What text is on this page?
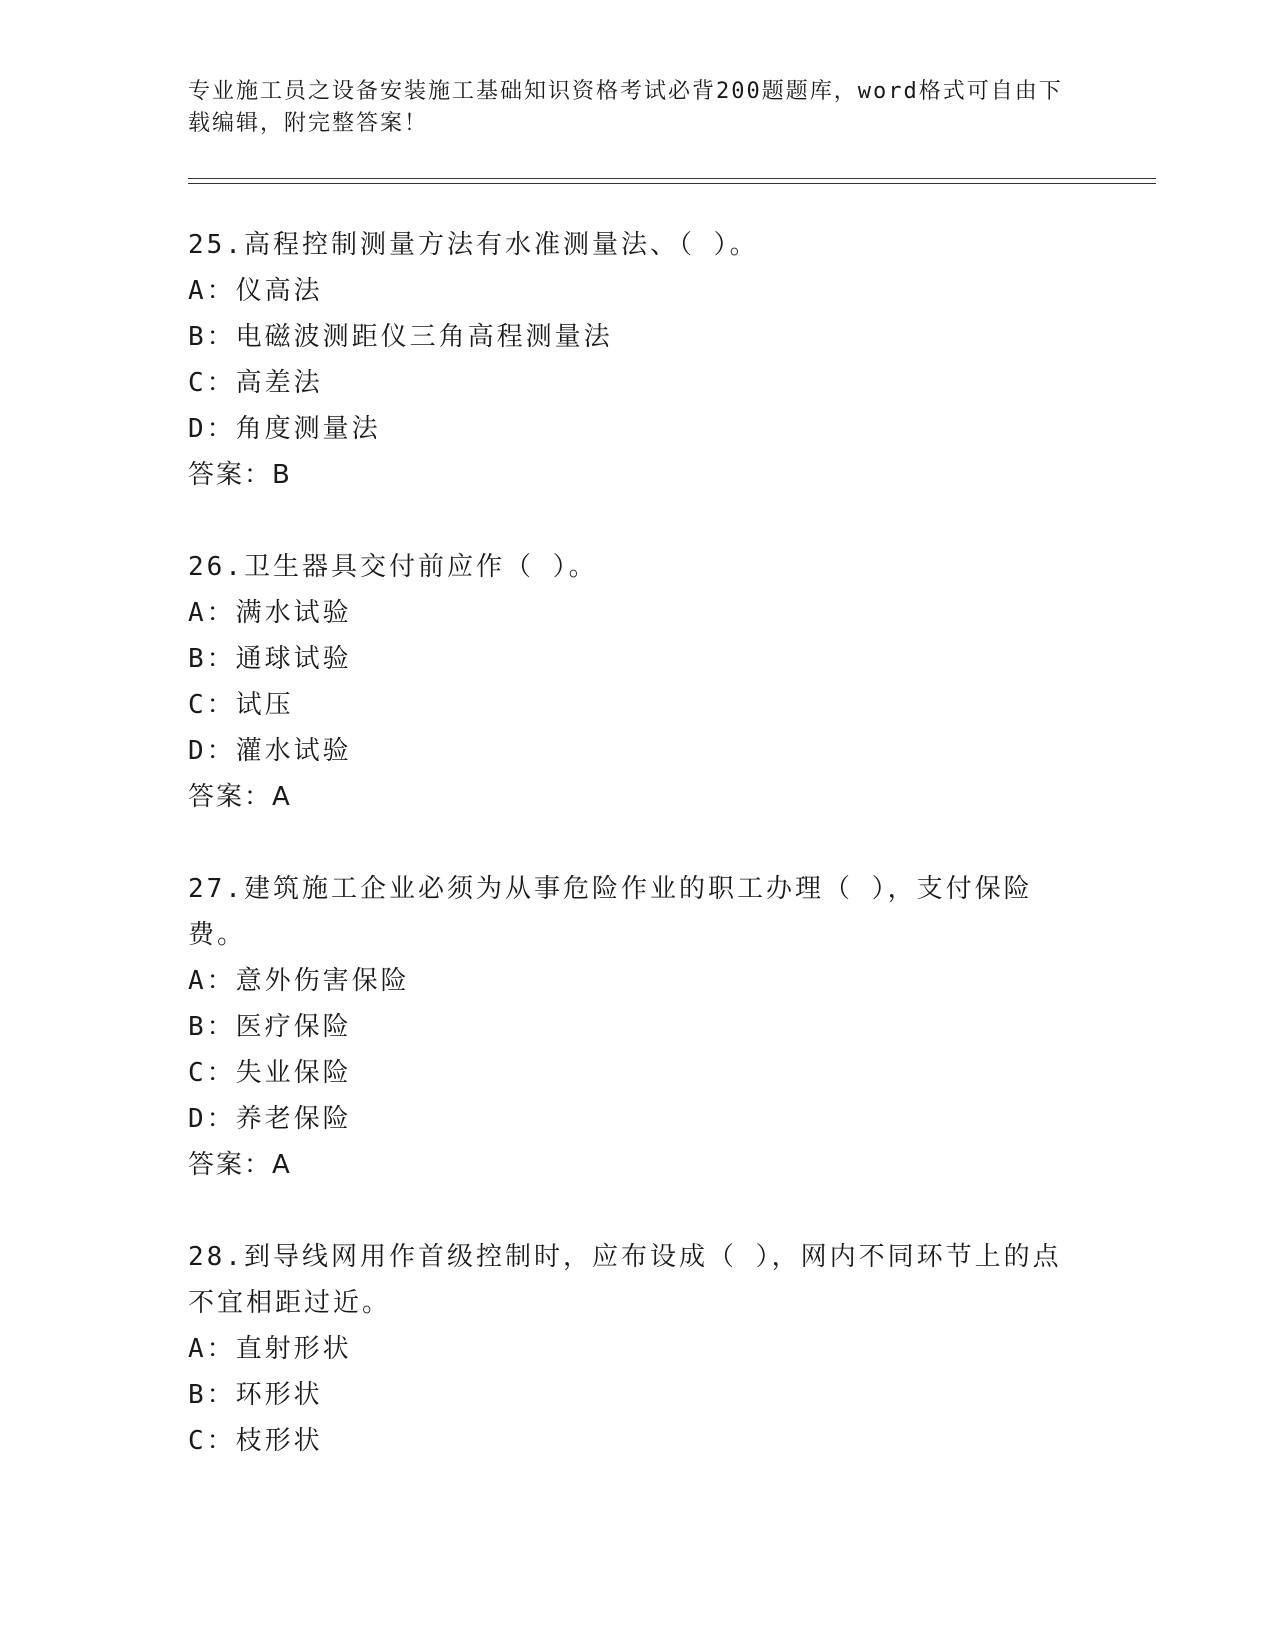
专业施工员之设备安装施工基础知识资格考试必背200题题库，word格式可自由下载编辑，附完整答案！
25.高程控制测量方法有水准测量法、（ ）。
A：仪高法
B：电磁波测距仪三角高程测量法
C：高差法
D：角度测量法
答案：B
26.卫生器具交付前应作（ ）。
A：满水试验
B：通球试验
C：试压
D：灌水试验
答案：A
27.建筑施工企业必须为从事危险作业的职工办理（ ），支付保险费。
A：意外伤害保险
B：医疗保险
C：失业保险
D：养老保险
答案：A
28.到导线网用作首级控制时，应布设成（ ），网内不同环节上的点不宜相距过近。
A：直射形状
B：环形状
C：枝形状
